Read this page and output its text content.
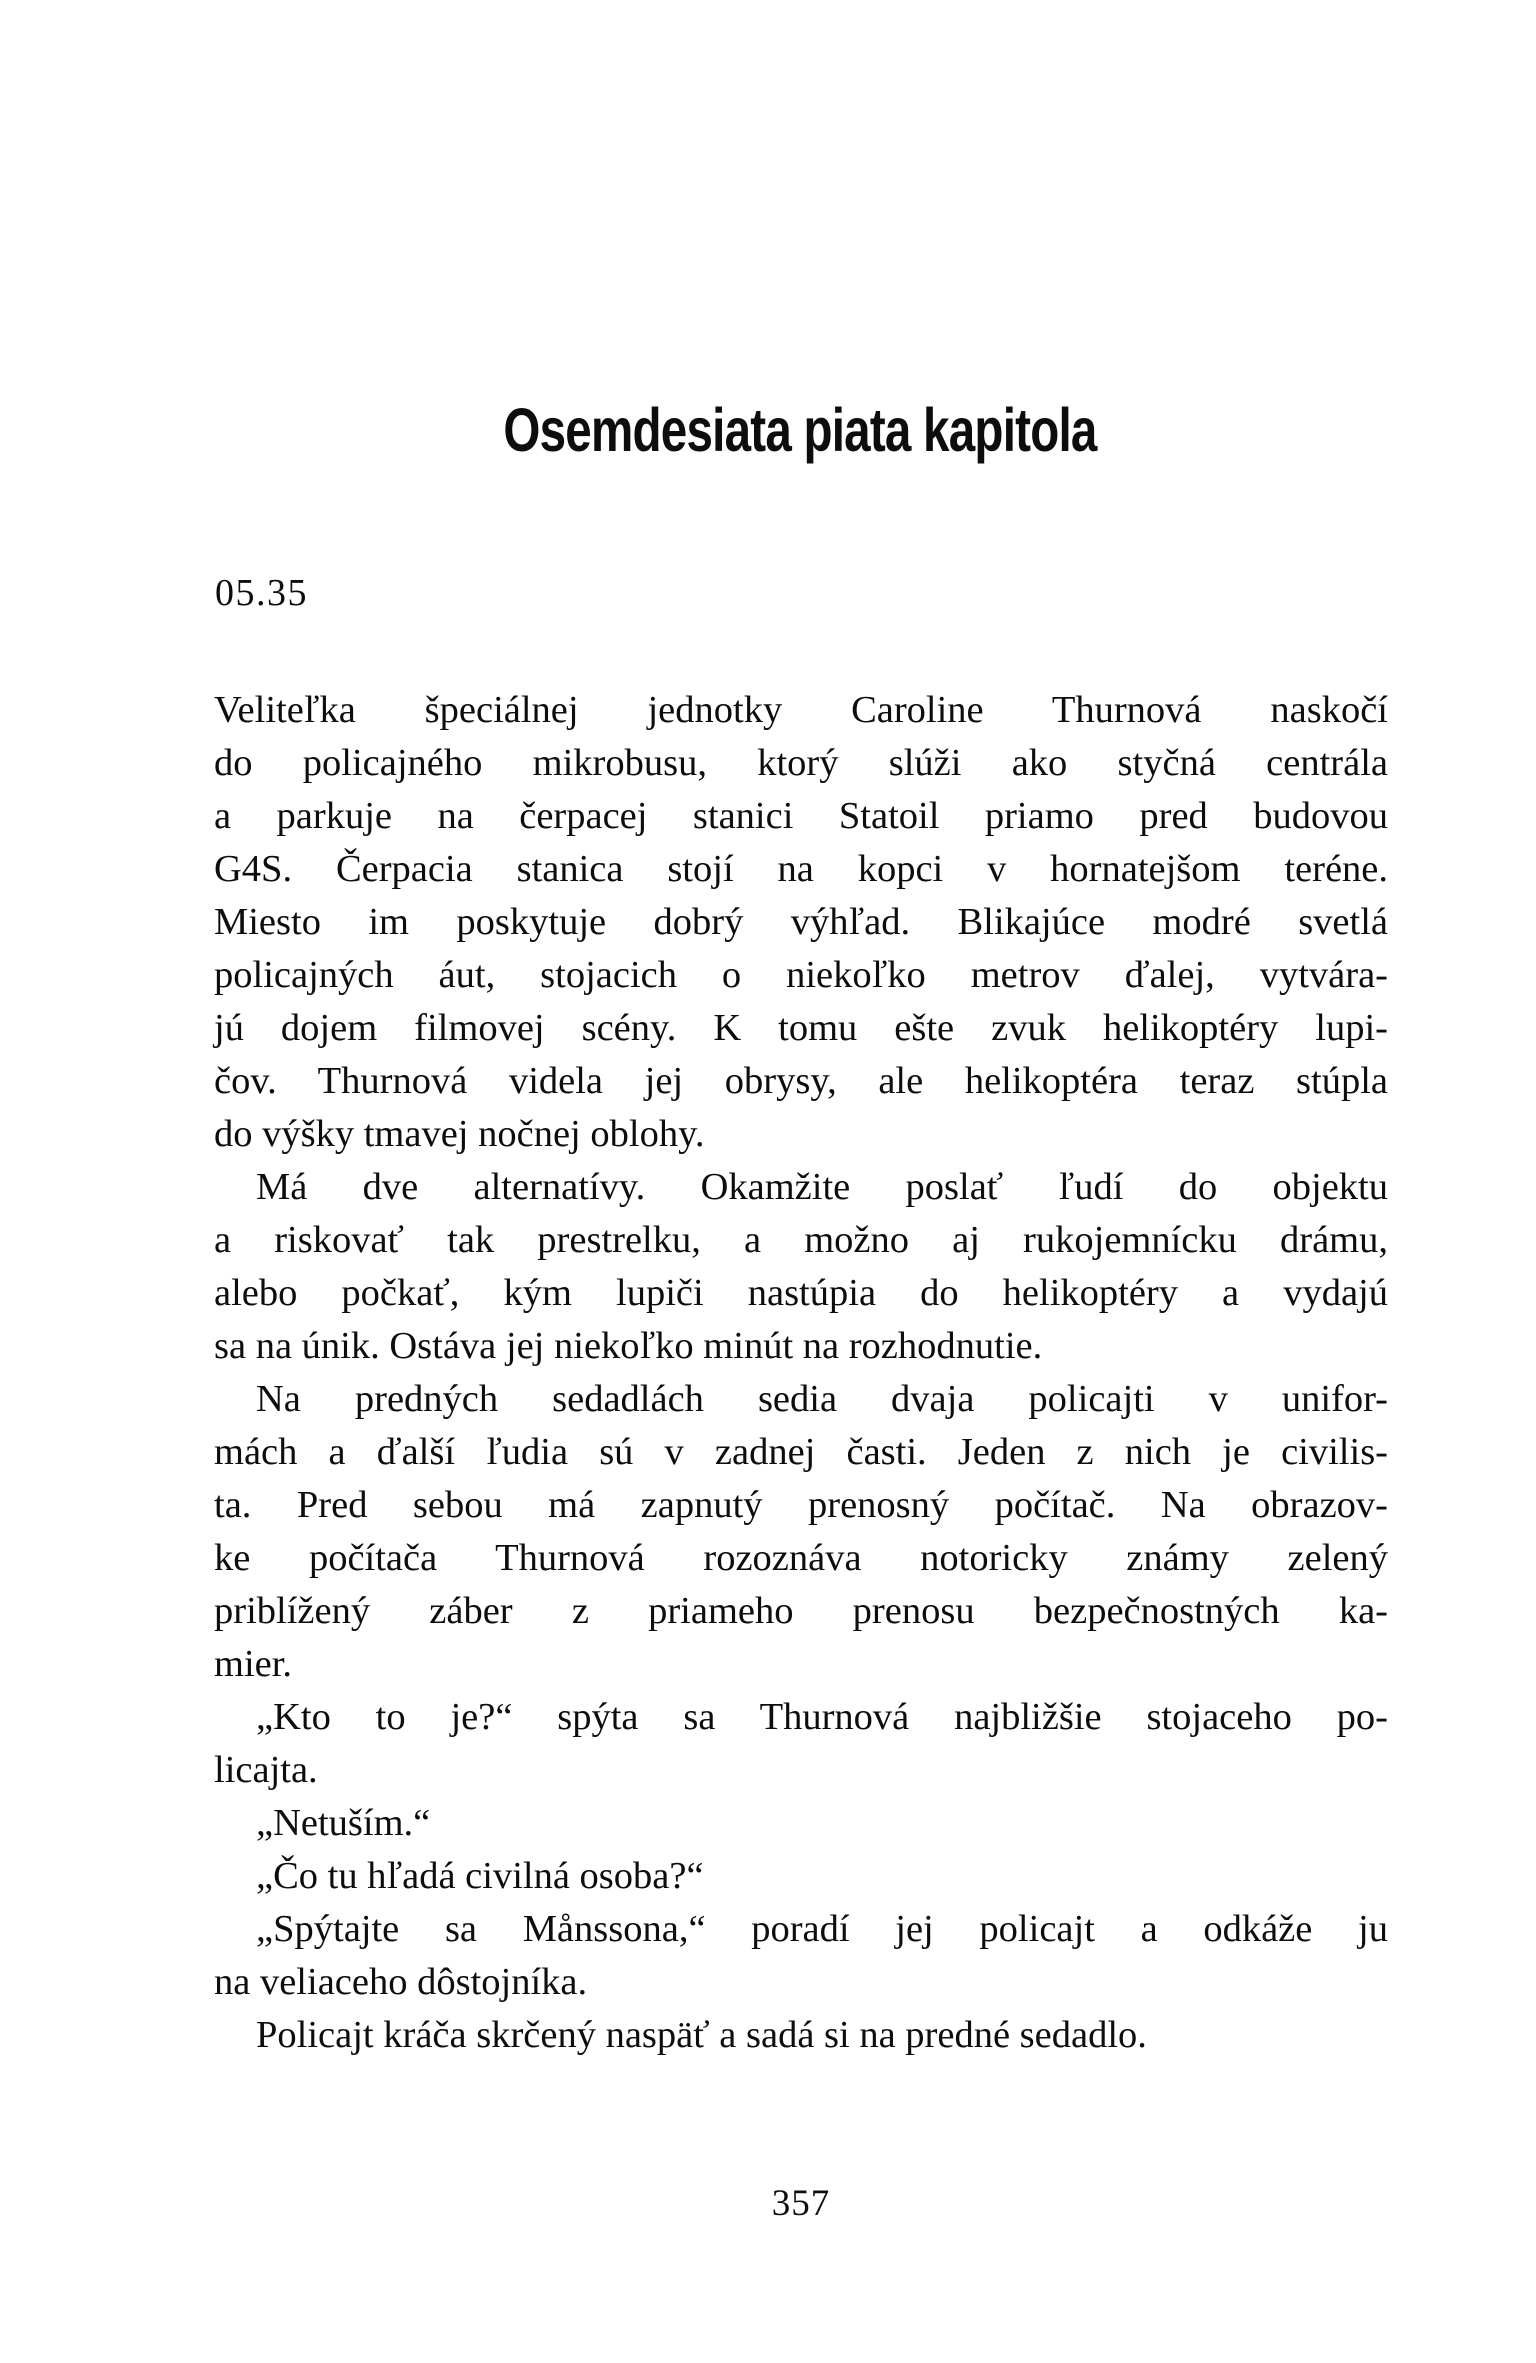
Osemdesiata piata kapitola
05.35
Veliteľka špeciálnej jednotky Caroline Thurnová naskočí
do policajného mikrobusu, ktorý slúži ako styčná centrála
a parkuje na čerpacej stanici Statoil priamo pred budovou
G4S. Čerpacia stanica stojí na kopci v hornatejšom teréne.
Miesto im poskytuje dobrý výhľad. Blikajúce modré svetlá
policajných áut, stojacich o niekoľko metrov ďalej, vytvára-
jú dojem filmovej scény. K tomu ešte zvuk helikoptéry lupi-
čov. Thurnová videla jej obrysy, ale helikoptéra teraz stúpla
do výšky tmavej nočnej oblohy.
Má dve alternatívy. Okamžite poslať ľudí do objektu
a riskovať tak prestrelku, a možno aj rukojemnícku drámu,
alebo počkať, kým lupiči nastúpia do helikoptéry a vydajú
sa na únik. Ostáva jej niekoľko minút na rozhodnutie.
Na predných sedadlách sedia dvaja policajti v unifor-
mách a ďalší ľudia sú v zadnej časti. Jeden z nich je civilis-
ta. Pred sebou má zapnutý prenosný počítač. Na obrazov-
ke počítača Thurnová rozoznáva notoricky známy zelený
priblížený záber z priameho prenosu bezpečnostných ka-
mier.
„Kto to je?“ spýta sa Thurnová najbližšie stojaceho po-
licajta.
„Netuším.“
„Čo tu hľadá civilná osoba?“
„Spýtajte sa Månssona,“ poradí jej policajt a odkáže ju
na veliaceho dôstojníka.
Policajt kráča skrčený naspäť a sadá si na predné sedadlo.
357
